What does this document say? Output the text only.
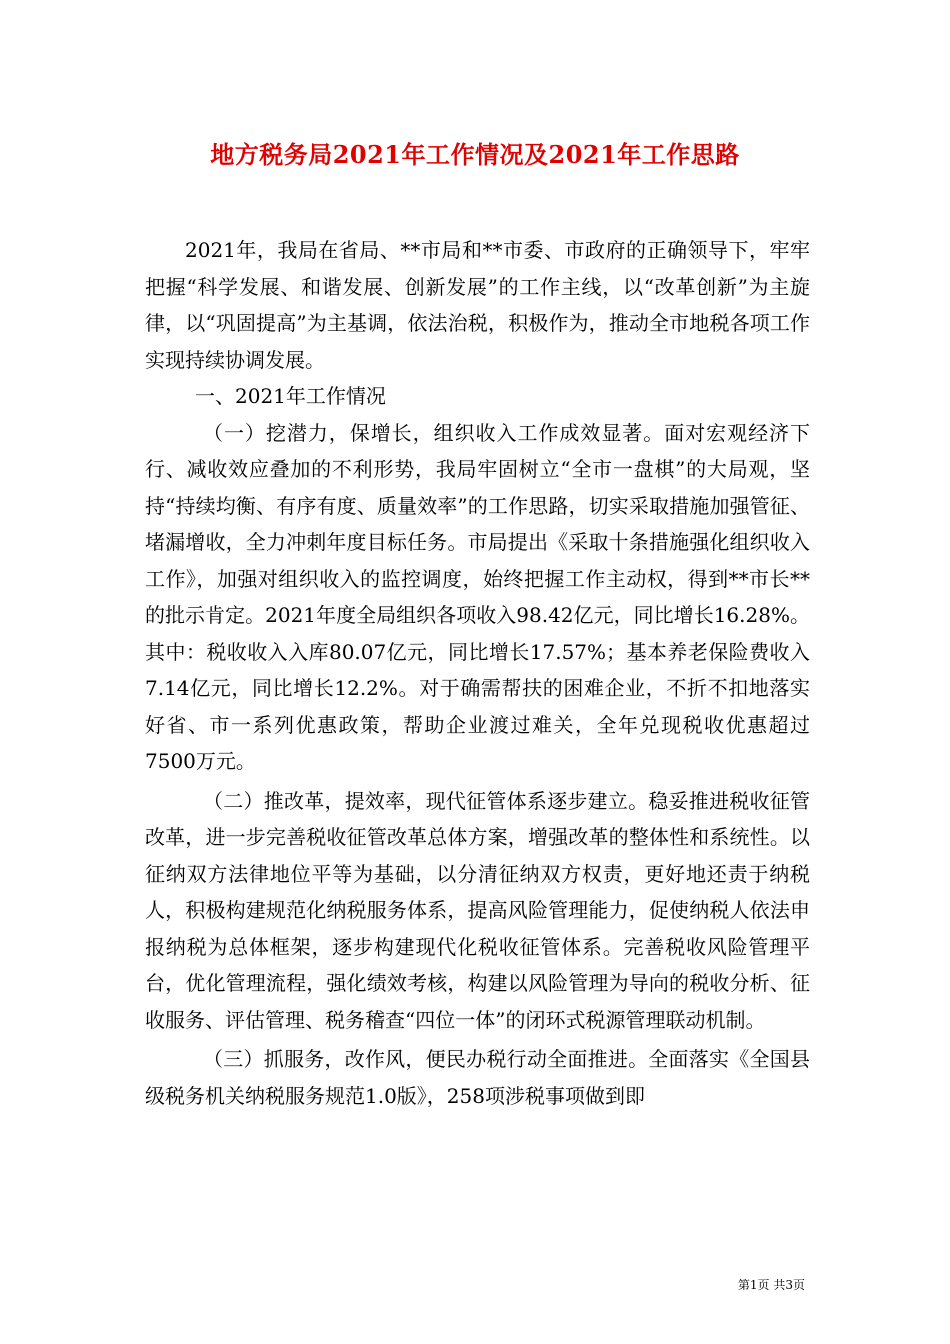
地方税务局2021年工作情况及2021年工作思路

2021年，我局在省局、**市局和**市委、市政府的正确领导下，牢牢把握“科学发展、和谐发展、创新发展”的工作主线，以“改革创新”为主旋律，以“巩固提高”为主基调，依法治税，积极作为，推动全市地税各项工作实现持续协调发展。

一、2021年工作情况

（一）挖潜力，保增长，组织收入工作成效显著。面对宏观经济下行、减收效应叠加的不利形势，我局牢固树立“全市一盘棋”的大局观，坚持“持续均衡、有序有度、质量效率”的工作思路，切实采取措施加强管征、堵漏增收，全力冲刺年度目标任务。市局提出《采取十条措施强化组织收入工作》，加强对组织收入的监控调度，始终把握工作主动权，得到**市长**的批示肯定。2021年度全局组织各项收入98.42亿元，同比增长16.28%。其中：税收收入入库80.07亿元，同比增长17.57%；基本养老保险费收入7.14亿元，同比增长12.2%。对于确需帮扶的困难企业，不折不扣地落实好省、市一系列优惠政策，帮助企业渡过难关，全年兑现税收优惠超过7500万元。

（二）推改革，提效率，现代征管体系逐步建立。稳妥推进税收征管改革，进一步完善税收征管改革总体方案，增强改革的整体性和系统性。以征纳双方法律地位平等为基础，以分清征纳双方权责，更好地还责于纳税人，积极构建规范化纳税服务体系，提高风险管理能力，促使纳税人依法申报纳税为总体框架，逐步构建现代化税收征管体系。完善税收风险管理平台，优化管理流程，强化绩效考核，构建以风险管理为导向的税收分析、征收服务、评估管理、税务稽查“四位一体”的闭环式税源管理联动机制。

（三）抓服务，改作风，便民办税行动全面推进。全面落实《全国县级税务机关纳税服务规范1.0版》，258项涉税事项做到即

第1页 共3页
